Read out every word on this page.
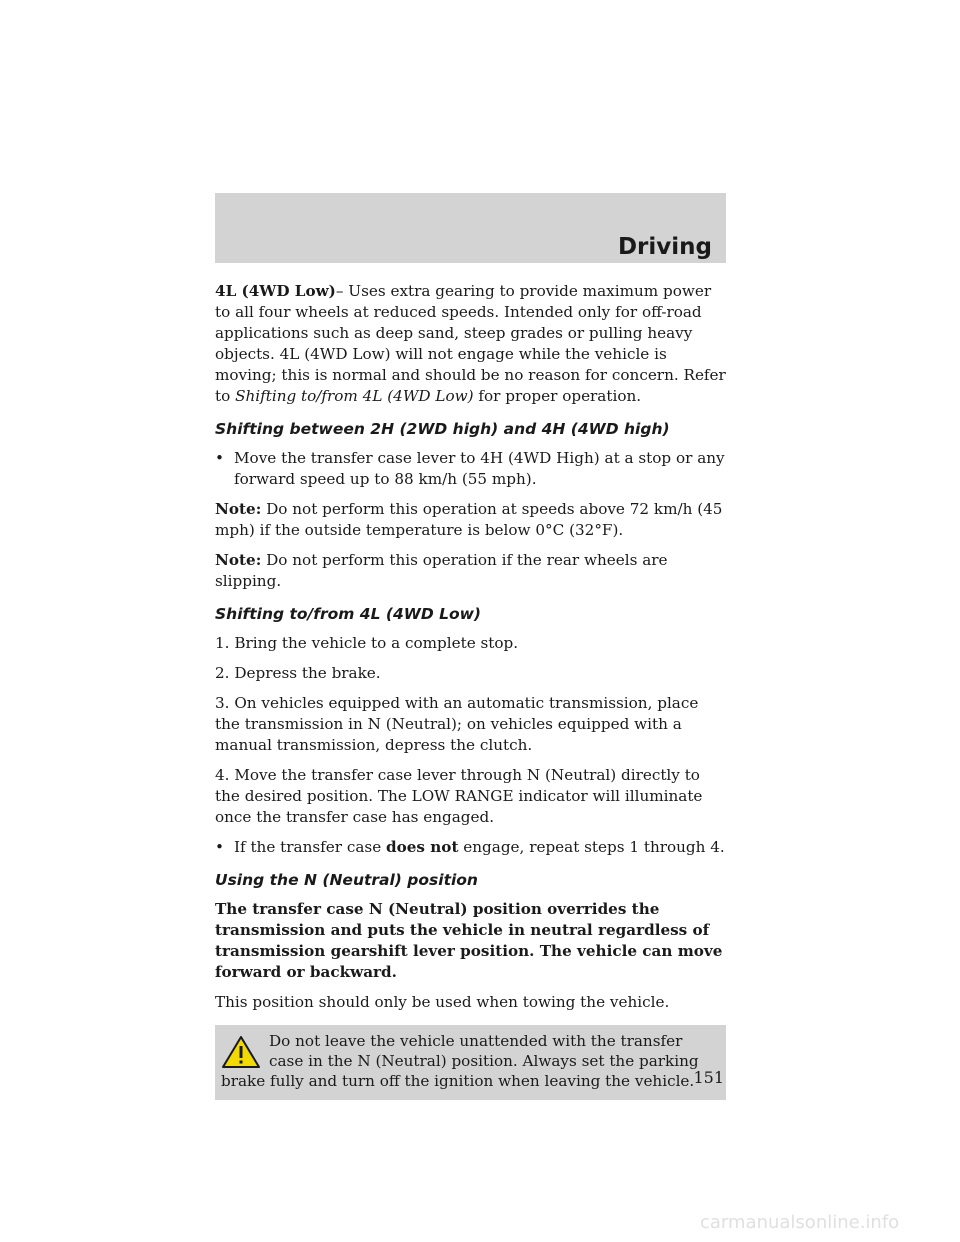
Driving

4L (4WD Low)– Uses extra gearing to provide maximum power to all four wheels at reduced speeds. Intended only for off-road applications such as deep sand, steep grades or pulling heavy objects. 4L (4WD Low) will not engage while the vehicle is moving; this is normal and should be no reason for concern. Refer to Shifting to/from 4L (4WD Low) for proper operation.

Shifting between 2H (2WD high) and 4H (4WD high)

• Move the transfer case lever to 4H (4WD High) at a stop or any forward speed up to 88 km/h (55 mph).

Note: Do not perform this operation at speeds above 72 km/h (45 mph) if the outside temperature is below 0°C (32°F).

Note: Do not perform this operation if the rear wheels are slipping.

Shifting to/from 4L (4WD Low)

1. Bring the vehicle to a complete stop.

2. Depress the brake.

3. On vehicles equipped with an automatic transmission, place the transmission in N (Neutral); on vehicles equipped with a manual transmission, depress the clutch.

4. Move the transfer case lever through N (Neutral) directly to the desired position. The LOW RANGE indicator will illuminate once the transfer case has engaged.

• If the transfer case does not engage, repeat steps 1 through 4.

Using the N (Neutral) position

The transfer case N (Neutral) position overrides the transmission and puts the vehicle in neutral regardless of transmission gearshift lever position. The vehicle can move forward or backward.

This position should only be used when towing the vehicle.

Do not leave the vehicle unattended with the transfer case in the N (Neutral) position. Always set the parking brake fully and turn off the ignition when leaving the vehicle. 151
carmanualsonline.info
